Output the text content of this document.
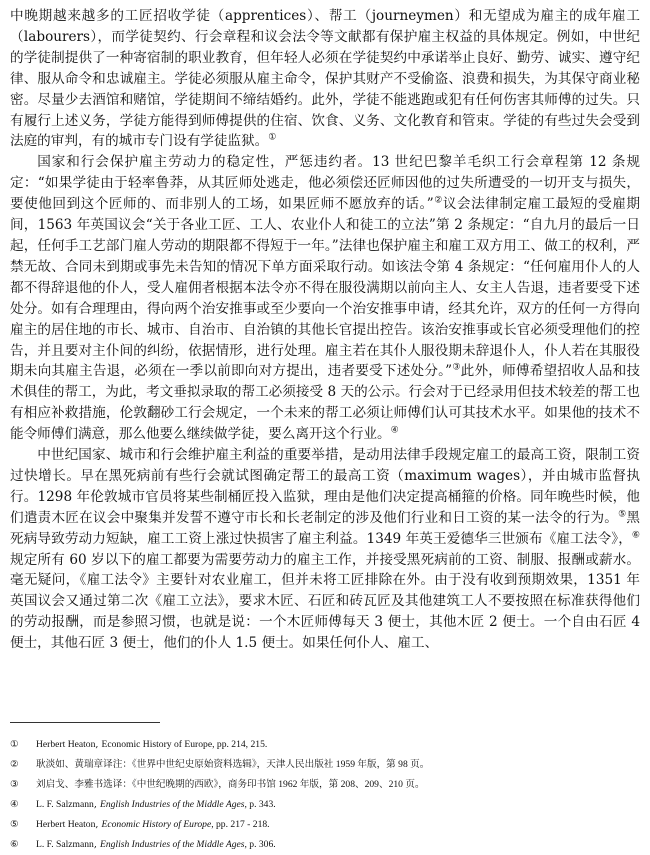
中晚期越来越多的工匠招收学徒（apprentices）、帮工（journeymen）和无望成为雇主的成年雇工（labourers），而学徒契约、行会章程和议会法令等文献都有保护雇主权益的具体规定。例如，中世纪的学徒制提供了一种寄宿制的职业教育，但年轻人必须在学徒契约中承诺举止良好、勤劳、诚实、遵守纪律、服从命令和忠诚雇主。学徒必须服从雇主命令，保护其财产不受偷盗、浪费和损失，为其保守商业秘密。尽量少去酒馆和赌馆，学徒期间不缔结婚约。此外，学徒不能逃跑或犯有任何伤害其师傅的过失。只有履行上述义务，学徒方能得到师傅提供的住宿、饮食、义务、文化教育和管束。学徒的有些过失会受到法庭的审判，有的城市专门设有学徒监狱。①

国家和行会保护雇主劳动力的稳定性，严惩违约者。13 世纪巴黎羊毛织工行会章程第 12 条规定：“如果学徒由于轻率鲁莽，从其匠师处逃走，他必须偿还匠师因他的过失所遭受的一切开支与损失，要使他回到这个匠师的、而非别人的工场，如果匠师不愿放弃的话。”②议会法律制定雇工最短的受雇期间，1563 年英国议会“关于各业工匠、工人、农业仆人和徒工的立法”第 2 条规定：“自九月的最后一日起，任何手工艺部门雇人劳动的期限都不得短于一年。”法律也保护雇主和雇工双方用工、做工的权利，严禁无故、合同未到期或事先未告知的情况下单方面采取行动。如该法令第 4 条规定：“任何雇用仆人的人都不得辞退他的仆人，受人雇佣者根据本法令亦不得在服役满期以前向主人、女主人告退，违者要受下述处分。如有合理理由，得向两个治安推事或至少要向一个治安推事申请，经其允许，双方的任何一方得向雇主的居住地的市长、城市、自治市、自治镇的其他长官提出控告。该治安推事或长官必须受理他们的控告，并且要对主仆间的纠纷，依据情形，进行处理。雇主若在其仆人服役期未辞退仆人，仆人若在其服役期未向其雇主告退，必须在一季以前即向对方提出，违者要受下述处分。”③此外，师傅希望招收人品和技术俱佳的帮工，为此，考文垂拟录取的帮工必须接受 8 天的公示。行会对于已经录用但技术较差的帮工也有相应补救措施，伦敦翻砂工行会规定，一个未来的帮工必须让师傅们认可其技术水平。如果他的技术不能令师傅们满意，那么他要么继续做学徒，要么离开这个行业。④

中世纪国家、城市和行会维护雇主利益的重要举措，是动用法律手段规定雇工的最高工资，限制工资过快增长。早在黑死病前有些行会就试图确定帮工的最高工资（maximum wages），并由城市监督执行。1298 年伦敦城市官员将某些制桶匠投入监狱，理由是他们决定提高桶箍的价格。同年晚些时候，他们遣责木匠在议会中聚集并发誓不遵守市长和长老制定的涉及他们行业和日工资的某一法令的行为。⑤黑死病导致劳动力短缺，雇工工资上涨过快损害了雇主利益。1349 年英王爱德华三世颁布《雇工法令》，⑥规定所有 60 岁以下的雇工都要为需要劳动力的雇主工作，并接受黑死病前的工资、制服、报酬或薪水。毫无疑问，《雇工法令》主要针对农业雇工，但并未将工匠排除在外。由于没有收到预期效果，1351 年英国议会又通过第二次《雇工立法》，要求木匠、石匠和砖瓦匠及其他建筑工人不要按照在标准获得他们的劳动报酬，而是参照习惯，也就是说：一个木匠师傅每天 3 便士，其他木匠 2 便士。一个自由石匠 4 便士，其他石匠 3 便士，他们的仆人 1.5 便士。如果任何仆人、雇工、

①	Herbert Heaton, Economic History of Europe, pp. 214, 215.
②	耿淡如、黄瑞章译注：《世界中世纪史原始资料选辑》，天津人民出版社 1959 年版，第 98 页。
③	刘启戈、李雅书选译：《中世纪晚期的西欧》，商务印书馆 1962 年版，第 208、209、210 页。
④	L. F. Salzmann, English Industries of the Middle Ages, p. 343.
⑤	Herbert Heaton, Economic History of Europe, pp. 217 - 218.
⑥	L. F. Salzmann, English Industries of the Middle Ages, p. 306.
